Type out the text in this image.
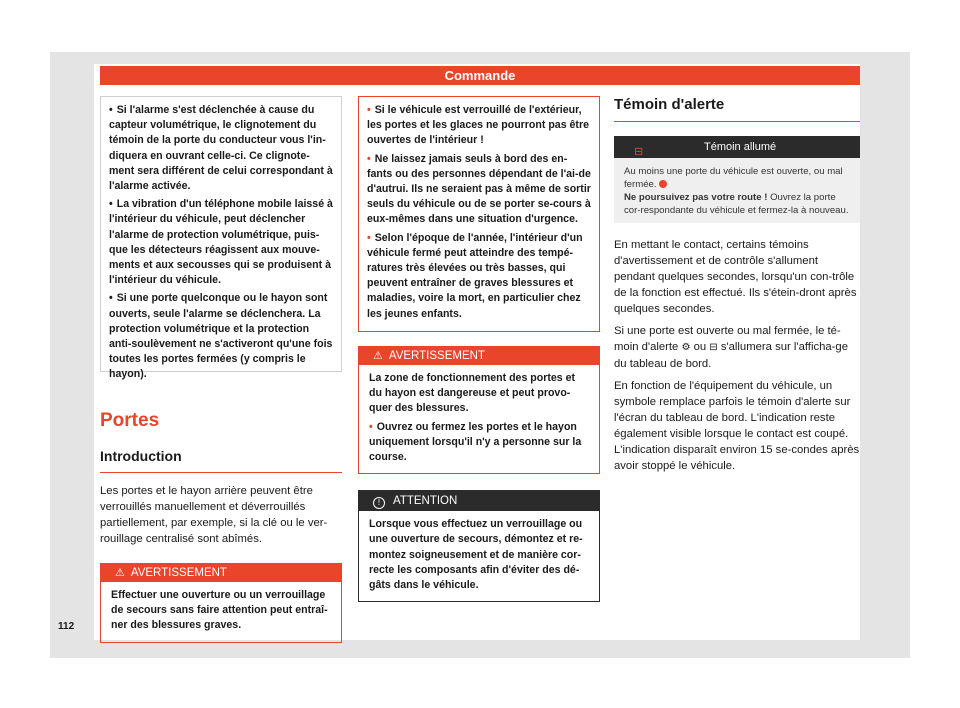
Commande

• Si l'alarme s'est déclenchée à cause du capteur volumétrique, le clignotement du témoin de la porte du conducteur vous l'in-diquera en ouvrant celle-ci. Ce clignote-ment sera différent de celui correspondant à l'alarme activée.

• La vibration d'un téléphone mobile laissé à l'intérieur du véhicule, peut déclencher l'alarme de protection volumétrique, puis-que les détecteurs réagissent aux mouve-ments et aux secousses qui se produisent à l'intérieur du véhicule.

• Si une porte quelconque ou le hayon sont ouverts, seule l'alarme se déclenchera. La protection volumétrique et la protection anti-soulèvement ne s'activeront qu'une fois toutes les portes fermées (y compris le hayon).

Portes
Introduction

Les portes et le hayon arrière peuvent être verrouillés manuellement et déverrouillés partiellement, par exemple, si la clé ou le ver-rouillage centralisé sont abîmés.

⚠ AVERTISSEMENT

Effectuer une ouverture ou un verrouillage de secours sans faire attention peut entraî-ner des blessures graves.

• Si le véhicule est verrouillé de l'extérieur, les portes et les glaces ne pourront pas être ouvertes de l'intérieur !

• Ne laissez jamais seuls à bord des en-fants ou des personnes dépendant de l'ai-de d'autrui. Ils ne seraient pas à même de sortir seuls du véhicule ou de se porter se-cours à eux-mêmes dans une situation d'urgence.

• Selon l'époque de l'année, l'intérieur d'un véhicule fermé peut atteindre des tempé-ratures très élevées ou très basses, qui peuvent entraîner de graves blessures et maladies, voire la mort, en particulier chez les jeunes enfants.

⚠ AVERTISSEMENT

La zone de fonctionnement des portes et du hayon est dangereuse et peut provo-quer des blessures.

• Ouvrez ou fermez les portes et le hayon uniquement lorsqu'il n'y a personne sur la course.

! ATTENTION

Lorsque vous effectuez un verrouillage ou une ouverture de secours, démontez et re-montez soigneusement et de manière cor-recte les composants afin d'éviter des dé-gâts dans le véhicule.

Témoin d'alerte
⊟	Témoin allumé

Au moins une porte du véhicule est ouverte, ou mal fermée.
Ne poursuivez pas votre route ! Ouvrez la porte cor-respondante du véhicule et fermez-la à nouveau.

En mettant le contact, certains témoins d'avertissement et de contrôle s'allument pendant quelques secondes, lorsqu'un con-trôle de la fonction est effectué. Ils s'étein-dront après quelques secondes.

Si une porte est ouverte ou mal fermée, le té-moin d'alerte ⚙ ou ⊟ s'allumera sur l'afficha-ge du tableau de bord.

En fonction de l'équipement du véhicule, un symbole remplace parfois le témoin d'alerte sur l'écran du tableau de bord. L'indication reste également visible lorsque le contact est coupé. L'indication disparaît environ 15 se-condes après avoir stoppé le véhicule.

112
